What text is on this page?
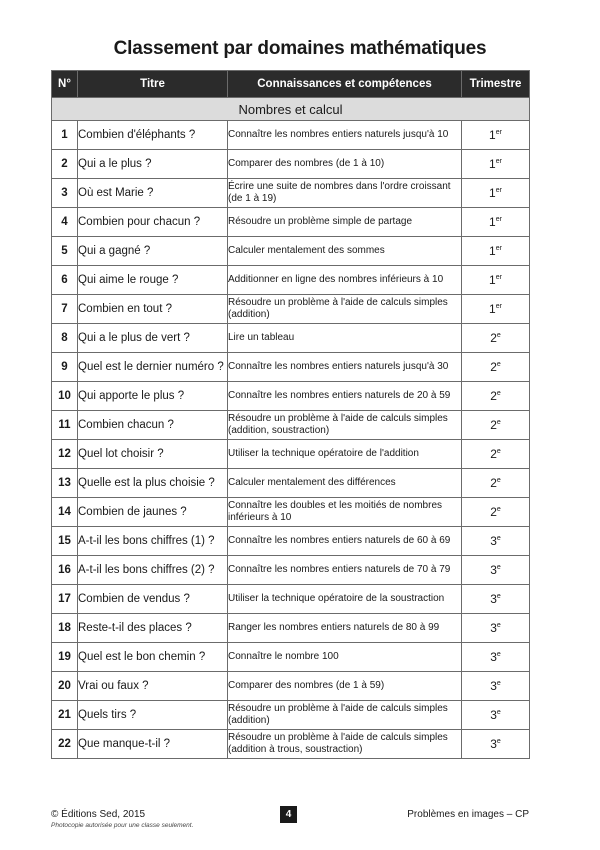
Classement par domaines mathématiques
N°	Titre	Connaissances et compétences	Trimestre
Nombres et calcul			
1	Combien d'éléphants ?	Connaître les nombres entiers naturels jusqu'à 10	1er
2	Qui a le plus ?	Comparer des nombres (de 1 à 10)	1er
3	Où est Marie ?	Écrire une suite de nombres dans l'ordre croissant (de 1 à 19)	1er
4	Combien pour chacun ?	Résoudre un problème simple de partage	1er
5	Qui a gagné ?	Calculer mentalement des sommes	1er
6	Qui aime le rouge ?	Additionner en ligne des nombres inférieurs à 10	1er
7	Combien en tout ?	Résoudre un problème à l'aide de calculs simples (addition)	1er
8	Qui a le plus de vert ?	Lire un tableau	2e
9	Quel est le dernier numéro ?	Connaître les nombres entiers naturels jusqu'à 30	2e
10	Qui apporte le plus ?	Connaître les nombres entiers naturels de 20 à 59	2e
11	Combien chacun ?	Résoudre un problème à l'aide de calculs simples (addition, soustraction)	2e
12	Quel lot choisir ?	Utiliser la technique opératoire de l'addition	2e
13	Quelle est la plus choisie ?	Calculer mentalement des différences	2e
14	Combien de jaunes ?	Connaître les doubles et les moitiés de nombres inférieurs à 10	2e
15	A-t-il les bons chiffres (1) ?	Connaître les nombres entiers naturels de 60 à 69	3e
16	A-t-il les bons chiffres (2) ?	Connaître les nombres entiers naturels de 70 à 79	3e
17	Combien de vendus ?	Utiliser la technique opératoire de la soustraction	3e
18	Reste-t-il des places ?	Ranger les nombres entiers naturels de 80 à 99	3e
19	Quel est le bon chemin ?	Connaître le nombre 100	3e
20	Vrai ou faux ?	Comparer des nombres (de 1 à 59)	3e
21	Quels tirs ?	Résoudre un problème à l'aide de calculs simples (addition)	3e
22	Que manque-t-il ?	Résoudre un problème à l'aide de calculs simples (addition à trous, soustraction)	3e
© Éditions Sed, 2015
Photocopie autorisée pour une classe seulement.
4	Problèmes en images – CP
